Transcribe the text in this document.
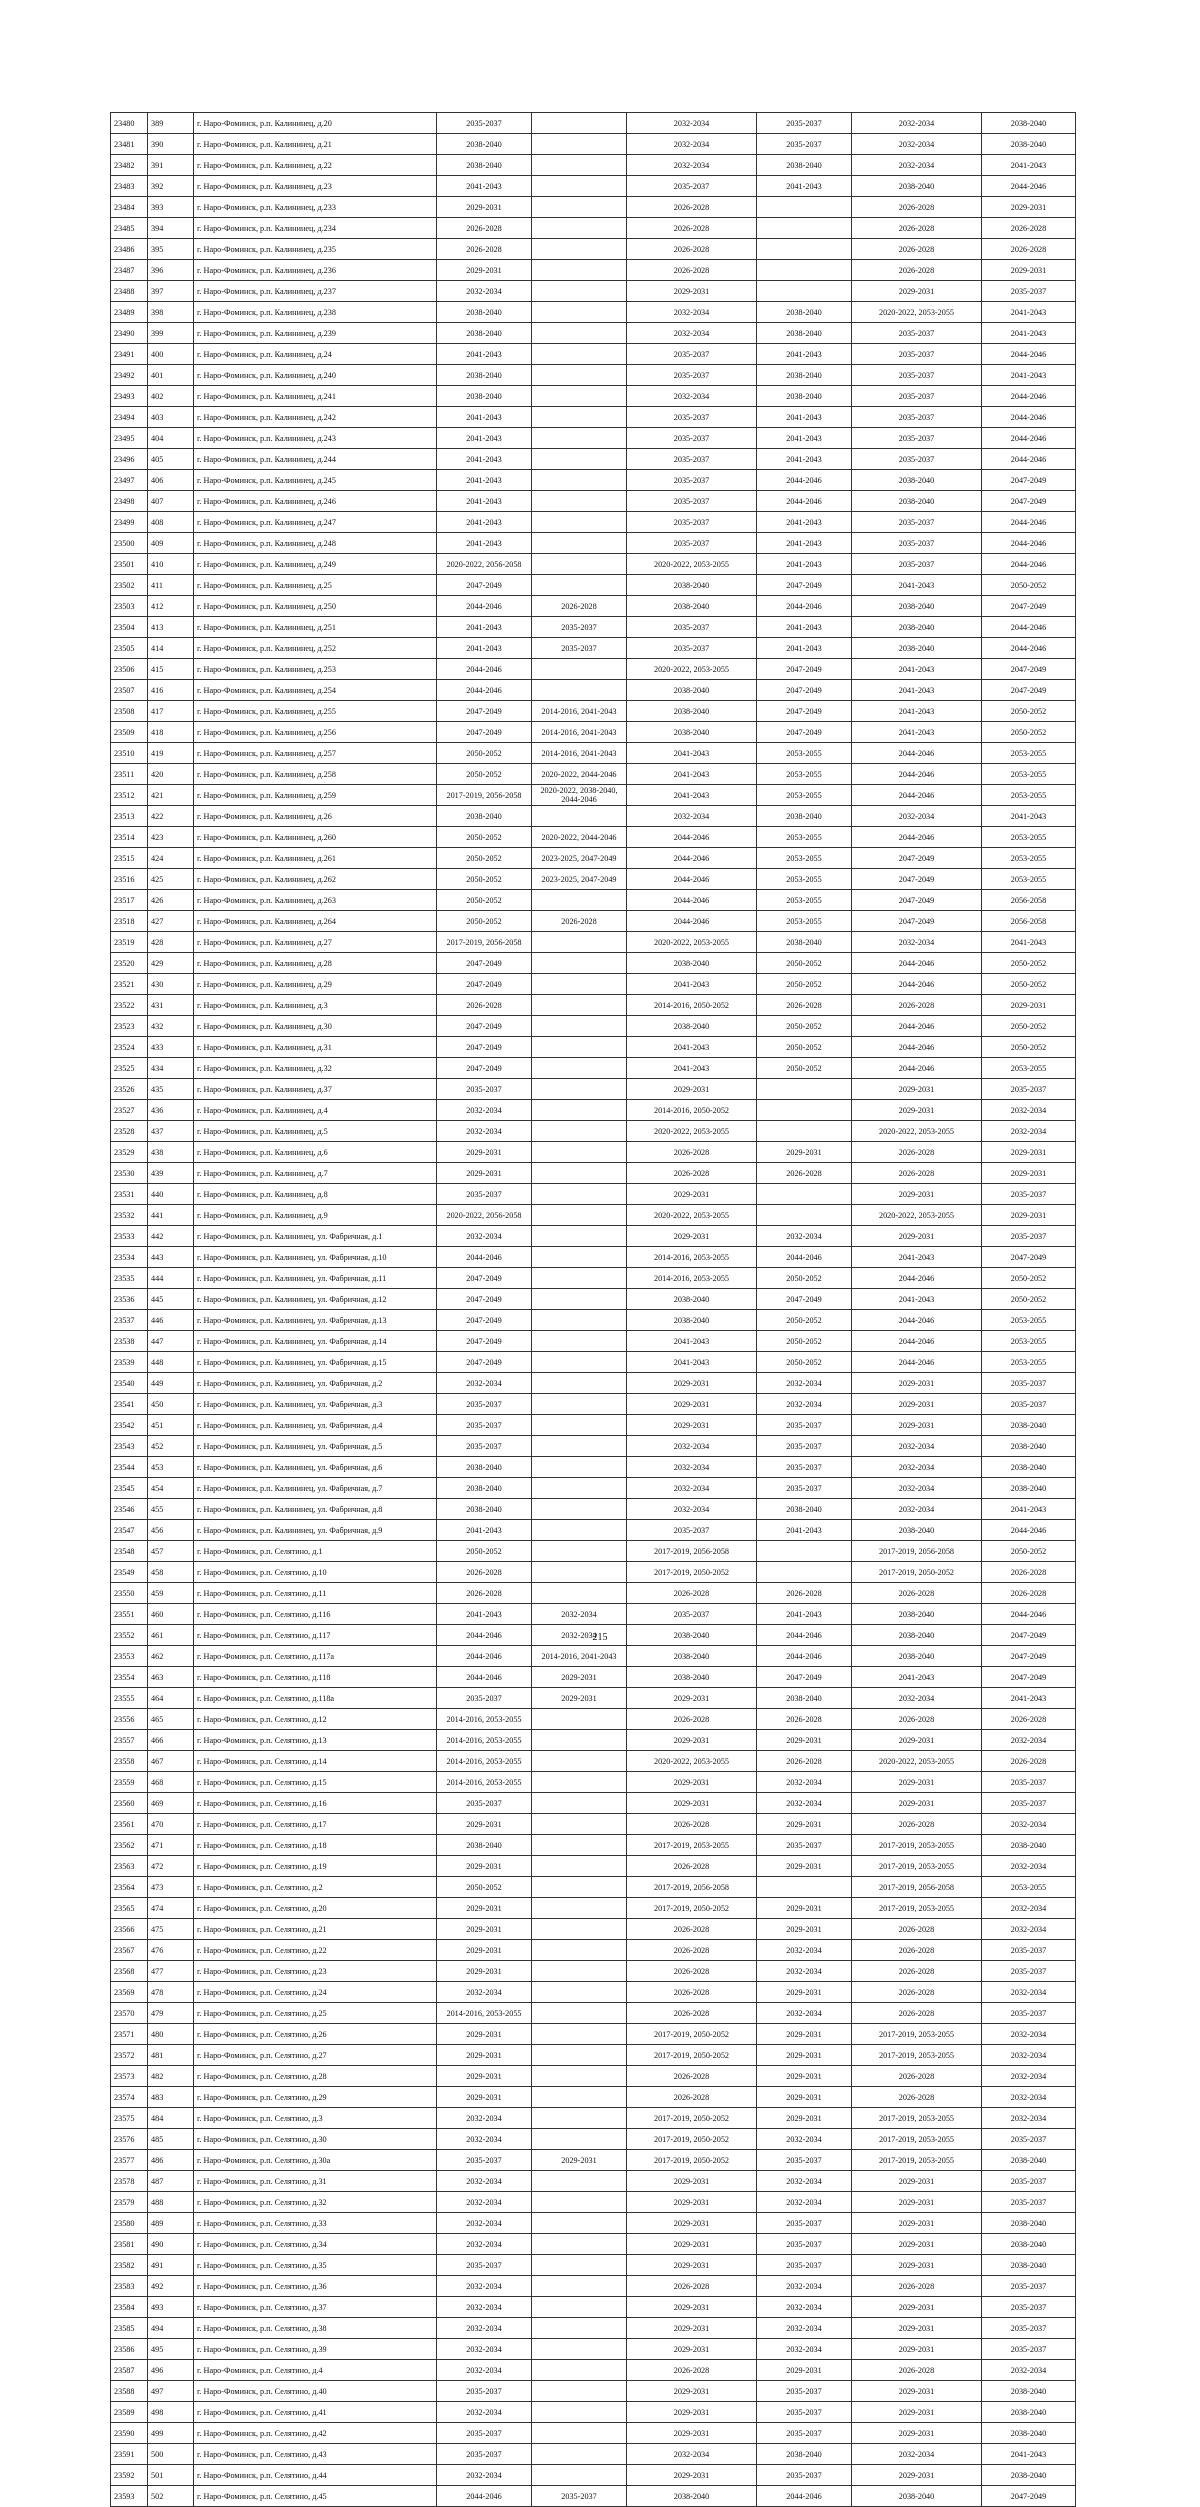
23480	389	г. Наро-Фоминск, р.п. Калининец, д.20	2035-2037		2032-2034	2035-2037	2032-2034	2038-2040
23481	390	г. Наро-Фоминск, р.п. Калининец, д.21	2038-2040		2032-2034	2035-2037	2032-2034	2038-2040
23482	391	г. Наро-Фоминск, р.п. Калининец, д.22	2038-2040		2032-2034	2038-2040	2032-2034	2041-2043
23483	392	г. Наро-Фоминск, р.п. Калининец, д.23	2041-2043		2035-2037	2041-2043	2038-2040	2044-2046
23484	393	г. Наро-Фоминск, р.п. Калининец, д.233	2029-2031		2026-2028		2026-2028	2029-2031
23485	394	г. Наро-Фоминск, р.п. Калининец, д.234	2026-2028		2026-2028		2026-2028	2026-2028
23486	395	г. Наро-Фоминск, р.п. Калининец, д.235	2026-2028		2026-2028		2026-2028	2026-2028
23487	396	г. Наро-Фоминск, р.п. Калининец, д.236	2029-2031		2026-2028		2026-2028	2029-2031
23488	397	г. Наро-Фоминск, р.п. Калининец, д.237	2032-2034		2029-2031		2029-2031	2035-2037
23489	398	г. Наро-Фоминск, р.п. Калининец, д.238	2038-2040		2032-2034	2038-2040	2020-2022, 2053-2055	2041-2043
23490	399	г. Наро-Фоминск, р.п. Калининец, д.239	2038-2040		2032-2034	2038-2040	2035-2037	2041-2043
23491	400	г. Наро-Фоминск, р.п. Калининец, д.24	2041-2043		2035-2037	2041-2043	2035-2037	2044-2046
23492	401	г. Наро-Фоминск, р.п. Калининец, д.240	2038-2040		2035-2037	2038-2040	2035-2037	2041-2043
23493	402	г. Наро-Фоминск, р.п. Калининец, д.241	2038-2040		2032-2034	2038-2040	2035-2037	2044-2046
23494	403	г. Наро-Фоминск, р.п. Калининец, д.242	2041-2043		2035-2037	2041-2043	2035-2037	2044-2046
23495	404	г. Наро-Фоминск, р.п. Калининец, д.243	2041-2043		2035-2037	2041-2043	2035-2037	2044-2046
23496	405	г. Наро-Фоминск, р.п. Калининец, д.244	2041-2043		2035-2037	2041-2043	2035-2037	2044-2046
23497	406	г. Наро-Фоминск, р.п. Калининец, д.245	2041-2043		2035-2037	2044-2046	2038-2040	2047-2049
23498	407	г. Наро-Фоминск, р.п. Калининец, д.246	2041-2043		2035-2037	2044-2046	2038-2040	2047-2049
23499	408	г. Наро-Фоминск, р.п. Калининец, д.247	2041-2043		2035-2037	2041-2043	2035-2037	2044-2046
23500	409	г. Наро-Фоминск, р.п. Калининец, д.248	2041-2043		2035-2037	2041-2043	2035-2037	2044-2046
23501	410	г. Наро-Фоминск, р.п. Калининец, д.249	2020-2022, 2056-2058		2020-2022, 2053-2055	2041-2043	2035-2037	2044-2046
23502	411	г. Наро-Фоминск, р.п. Калининец, д.25	2047-2049		2038-2040	2047-2049	2041-2043	2050-2052
23503	412	г. Наро-Фоминск, р.п. Калининец, д.250	2044-2046	2026-2028	2038-2040	2044-2046	2038-2040	2047-2049
23504	413	г. Наро-Фоминск, р.п. Калининец, д.251	2041-2043	2035-2037	2035-2037	2041-2043	2038-2040	2044-2046
23505	414	г. Наро-Фоминск, р.п. Калининец, д.252	2041-2043	2035-2037	2035-2037	2041-2043	2038-2040	2044-2046
23506	415	г. Наро-Фоминск, р.п. Калининец, д.253	2044-2046		2020-2022, 2053-2055	2047-2049	2041-2043	2047-2049
23507	416	г. Наро-Фоминск, р.п. Калининец, д.254	2044-2046		2038-2040	2047-2049	2041-2043	2047-2049
23508	417	г. Наро-Фоминск, р.п. Калининец, д.255	2047-2049	2014-2016, 2041-2043	2038-2040	2047-2049	2041-2043	2050-2052
23509	418	г. Наро-Фоминск, р.п. Калининец, д.256	2047-2049	2014-2016, 2041-2043	2038-2040	2047-2049	2041-2043	2050-2052
23510	419	г. Наро-Фоминск, р.п. Калининец, д.257	2050-2052	2014-2016, 2041-2043	2041-2043	2053-2055	2044-2046	2053-2055
23511	420	г. Наро-Фоминск, р.п. Калининец, д.258	2050-2052	2020-2022, 2044-2046	2041-2043	2053-2055	2044-2046	2053-2055
23512	421	г. Наро-Фоминск, р.п. Калининец, д.259	2017-2019, 2056-2058	2020-2022, 2038-2040, 2044-2046	2041-2043	2053-2055	2044-2046	2053-2055
23513	422	г. Наро-Фоминск, р.п. Калининец, д.26	2038-2040		2032-2034	2038-2040	2032-2034	2041-2043
23514	423	г. Наро-Фоминск, р.п. Калининец, д.260	2050-2052	2020-2022, 2044-2046	2044-2046	2053-2055	2044-2046	2053-2055
23515	424	г. Наро-Фоминск, р.п. Калининец, д.261	2050-2052	2023-2025, 2047-2049	2044-2046	2053-2055	2047-2049	2053-2055
23516	425	г. Наро-Фоминск, р.п. Калининец, д.262	2050-2052	2023-2025, 2047-2049	2044-2046	2053-2055	2047-2049	2053-2055
23517	426	г. Наро-Фоминск, р.п. Калининец, д.263	2050-2052		2044-2046	2053-2055	2047-2049	2056-2058
23518	427	г. Наро-Фоминск, р.п. Калининец, д.264	2050-2052	2026-2028	2044-2046	2053-2055	2047-2049	2056-2058
23519	428	г. Наро-Фоминск, р.п. Калининец, д.27	2017-2019, 2056-2058		2020-2022, 2053-2055	2038-2040	2032-2034	2041-2043
23520	429	г. Наро-Фоминск, р.п. Калининец, д.28	2047-2049		2038-2040	2050-2052	2044-2046	2050-2052
23521	430	г. Наро-Фоминск, р.п. Калининец, д.29	2047-2049		2041-2043	2050-2052	2044-2046	2050-2052
23522	431	г. Наро-Фоминск, р.п. Калининец, д.3	2026-2028		2014-2016, 2050-2052	2026-2028	2026-2028	2029-2031
23523	432	г. Наро-Фоминск, р.п. Калининец, д.30	2047-2049		2038-2040	2050-2052	2044-2046	2050-2052
23524	433	г. Наро-Фоминск, р.п. Калининец, д.31	2047-2049		2041-2043	2050-2052	2044-2046	2050-2052
23525	434	г. Наро-Фоминск, р.п. Калининец, д.32	2047-2049		2041-2043	2050-2052	2044-2046	2053-2055
23526	435	г. Наро-Фоминск, р.п. Калининец, д.37	2035-2037		2029-2031		2029-2031	2035-2037
23527	436	г. Наро-Фоминск, р.п. Калининец, д.4	2032-2034		2014-2016, 2050-2052		2029-2031	2032-2034
23528	437	г. Наро-Фоминск, р.п. Калининец, д.5	2032-2034		2020-2022, 2053-2055		2020-2022, 2053-2055	2032-2034
23529	438	г. Наро-Фоминск, р.п. Калининец, д.6	2029-2031		2026-2028	2029-2031	2026-2028	2029-2031
23530	439	г. Наро-Фоминск, р.п. Калининец, д.7	2029-2031		2026-2028	2026-2028	2026-2028	2029-2031
23531	440	г. Наро-Фоминск, р.п. Калининец, д.8	2035-2037		2029-2031		2029-2031	2035-2037
23532	441	г. Наро-Фоминск, р.п. Калининец, д.9	2020-2022, 2056-2058		2020-2022, 2053-2055		2020-2022, 2053-2055	2029-2031
23533	442	г. Наро-Фоминск, р.п. Калининец, ул. Фабричная, д.1	2032-2034		2029-2031	2032-2034	2029-2031	2035-2037
23534	443	г. Наро-Фоминск, р.п. Калининец, ул. Фабричная, д.10	2044-2046		2014-2016, 2053-2055	2044-2046	2041-2043	2047-2049
23535	444	г. Наро-Фоминск, р.п. Калининец, ул. Фабричная, д.11	2047-2049		2014-2016, 2053-2055	2050-2052	2044-2046	2050-2052
23536	445	г. Наро-Фоминск, р.п. Калининец, ул. Фабричная, д.12	2047-2049		2038-2040	2047-2049	2041-2043	2050-2052
23537	446	г. Наро-Фоминск, р.п. Калининец, ул. Фабричная, д.13	2047-2049		2038-2040	2050-2052	2044-2046	2053-2055
23538	447	г. Наро-Фоминск, р.п. Калининец, ул. Фабричная, д.14	2047-2049		2041-2043	2050-2052	2044-2046	2053-2055
23539	448	г. Наро-Фоминск, р.п. Калининец, ул. Фабричная, д.15	2047-2049		2041-2043	2050-2052	2044-2046	2053-2055
23540	449	г. Наро-Фоминск, р.п. Калининец, ул. Фабричная, д.2	2032-2034		2029-2031	2032-2034	2029-2031	2035-2037
23541	450	г. Наро-Фоминск, р.п. Калининец, ул. Фабричная, д.3	2035-2037		2029-2031	2032-2034	2029-2031	2035-2037
23542	451	г. Наро-Фоминск, р.п. Калининец, ул. Фабричная, д.4	2035-2037		2029-2031	2035-2037	2029-2031	2038-2040
23543	452	г. Наро-Фоминск, р.п. Калининец, ул. Фабричная, д.5	2035-2037		2032-2034	2035-2037	2032-2034	2038-2040
23544	453	г. Наро-Фоминск, р.п. Калининец, ул. Фабричная, д.6	2038-2040		2032-2034	2035-2037	2032-2034	2038-2040
23545	454	г. Наро-Фоминск, р.п. Калининец, ул. Фабричная, д.7	2038-2040		2032-2034	2035-2037	2032-2034	2038-2040
23546	455	г. Наро-Фоминск, р.п. Калининец, ул. Фабричная, д.8	2038-2040		2032-2034	2038-2040	2032-2034	2041-2043
23547	456	г. Наро-Фоминск, р.п. Калининец, ул. Фабричная, д.9	2041-2043		2035-2037	2041-2043	2038-2040	2044-2046
23548	457	г. Наро-Фоминск, р.п. Селятино, д.1	2050-2052		2017-2019, 2056-2058		2017-2019, 2056-2058	2050-2052
23549	458	г. Наро-Фоминск, р.п. Селятино, д.10	2026-2028		2017-2019, 2050-2052		2017-2019, 2050-2052	2026-2028
23550	459	г. Наро-Фоминск, р.п. Селятино, д.11	2026-2028		2026-2028	2026-2028	2026-2028	2026-2028
23551	460	г. Наро-Фоминск, р.п. Селятино, д.116	2041-2043	2032-2034	2035-2037	2041-2043	2038-2040	2044-2046
23552	461	г. Наро-Фоминск, р.п. Селятино, д.117	2044-2046	2032-2034	2038-2040	2044-2046	2038-2040	2047-2049
23553	462	г. Наро-Фоминск, р.п. Селятино, д.117а	2044-2046	2014-2016, 2041-2043	2038-2040	2044-2046	2038-2040	2047-2049
23554	463	г. Наро-Фоминск, р.п. Селятино, д.118	2044-2046	2029-2031	2038-2040	2047-2049	2041-2043	2047-2049
23555	464	г. Наро-Фоминск, р.п. Селятино, д.118а	2035-2037	2029-2031	2029-2031	2038-2040	2032-2034	2041-2043
23556	465	г. Наро-Фоминск, р.п. Селятино, д.12	2014-2016, 2053-2055		2026-2028	2026-2028	2026-2028	2026-2028
23557	466	г. Наро-Фоминск, р.п. Селятино, д.13	2014-2016, 2053-2055		2029-2031	2029-2031	2029-2031	2032-2034
23558	467	г. Наро-Фоминск, р.п. Селятино, д.14	2014-2016, 2053-2055		2020-2022, 2053-2055	2026-2028	2020-2022, 2053-2055	2026-2028
23559	468	г. Наро-Фоминск, р.п. Селятино, д.15	2014-2016, 2053-2055		2029-2031	2032-2034	2029-2031	2035-2037
23560	469	г. Наро-Фоминск, р.п. Селятино, д.16	2035-2037		2029-2031	2032-2034	2029-2031	2035-2037
23561	470	г. Наро-Фоминск, р.п. Селятино, д.17	2029-2031		2026-2028	2029-2031	2026-2028	2032-2034
23562	471	г. Наро-Фоминск, р.п. Селятино, д.18	2038-2040		2017-2019, 2053-2055	2035-2037	2017-2019, 2053-2055	2038-2040
23563	472	г. Наро-Фоминск, р.п. Селятино, д.19	2029-2031		2026-2028	2029-2031	2017-2019, 2053-2055	2032-2034
23564	473	г. Наро-Фоминск, р.п. Селятино, д.2	2050-2052		2017-2019, 2056-2058		2017-2019, 2056-2058	2053-2055
23565	474	г. Наро-Фоминск, р.п. Селятино, д.20	2029-2031		2017-2019, 2050-2052	2029-2031	2017-2019, 2053-2055	2032-2034
23566	475	г. Наро-Фоминск, р.п. Селятино, д.21	2029-2031		2026-2028	2029-2031	2026-2028	2032-2034
23567	476	г. Наро-Фоминск, р.п. Селятино, д.22	2029-2031		2026-2028	2032-2034	2026-2028	2035-2037
23568	477	г. Наро-Фоминск, р.п. Селятино, д.23	2029-2031		2026-2028	2032-2034	2026-2028	2035-2037
23569	478	г. Наро-Фоминск, р.п. Селятино, д.24	2032-2034		2026-2028	2029-2031	2026-2028	2032-2034
23570	479	г. Наро-Фоминск, р.п. Селятино, д.25	2014-2016, 2053-2055		2026-2028	2032-2034	2026-2028	2035-2037
23571	480	г. Наро-Фоминск, р.п. Селятино, д.26	2029-2031		2017-2019, 2050-2052	2029-2031	2017-2019, 2053-2055	2032-2034
23572	481	г. Наро-Фоминск, р.п. Селятино, д.27	2029-2031		2017-2019, 2050-2052	2029-2031	2017-2019, 2053-2055	2032-2034
23573	482	г. Наро-Фоминск, р.п. Селятино, д.28	2029-2031		2026-2028	2029-2031	2026-2028	2032-2034
23574	483	г. Наро-Фоминск, р.п. Селятино, д.29	2029-2031		2026-2028	2029-2031	2026-2028	2032-2034
23575	484	г. Наро-Фоминск, р.п. Селятино, д.3	2032-2034		2017-2019, 2050-2052	2029-2031	2017-2019, 2053-2055	2032-2034
23576	485	г. Наро-Фоминск, р.п. Селятино, д.30	2032-2034		2017-2019, 2050-2052	2032-2034	2017-2019, 2053-2055	2035-2037
23577	486	г. Наро-Фоминск, р.п. Селятино, д.30а	2035-2037	2029-2031	2017-2019, 2050-2052	2035-2037	2017-2019, 2053-2055	2038-2040
23578	487	г. Наро-Фоминск, р.п. Селятино, д.31	2032-2034		2029-2031	2032-2034	2029-2031	2035-2037
23579	488	г. Наро-Фоминск, р.п. Селятино, д.32	2032-2034		2029-2031	2032-2034	2029-2031	2035-2037
23580	489	г. Наро-Фоминск, р.п. Селятино, д.33	2032-2034		2029-2031	2035-2037	2029-2031	2038-2040
23581	490	г. Наро-Фоминск, р.п. Селятино, д.34	2032-2034		2029-2031	2035-2037	2029-2031	2038-2040
23582	491	г. Наро-Фоминск, р.п. Селятино, д.35	2035-2037		2029-2031	2035-2037	2029-2031	2038-2040
23583	492	г. Наро-Фоминск, р.п. Селятино, д.36	2032-2034		2026-2028	2032-2034	2026-2028	2035-2037
23584	493	г. Наро-Фоминск, р.п. Селятино, д.37	2032-2034		2029-2031	2032-2034	2029-2031	2035-2037
23585	494	г. Наро-Фоминск, р.п. Селятино, д.38	2032-2034		2029-2031	2032-2034	2029-2031	2035-2037
23586	495	г. Наро-Фоминск, р.п. Селятино, д.39	2032-2034		2029-2031	2032-2034	2029-2031	2035-2037
23587	496	г. Наро-Фоминск, р.п. Селятино, д.4	2032-2034		2026-2028	2029-2031	2026-2028	2032-2034
23588	497	г. Наро-Фоминск, р.п. Селятино, д.40	2035-2037		2029-2031	2035-2037	2029-2031	2038-2040
23589	498	г. Наро-Фоминск, р.п. Селятино, д.41	2032-2034		2029-2031	2035-2037	2029-2031	2038-2040
23590	499	г. Наро-Фоминск, р.п. Селятино, д.42	2035-2037		2029-2031	2035-2037	2029-2031	2038-2040
23591	500	г. Наро-Фоминск, р.п. Селятино, д.43	2035-2037		2032-2034	2038-2040	2032-2034	2041-2043
23592	501	г. Наро-Фоминск, р.п. Селятино, д.44	2032-2034		2029-2031	2035-2037	2029-2031	2038-2040
23593	502	г. Наро-Фоминск, р.п. Селятино, д.45	2044-2046	2035-2037	2038-2040	2044-2046	2038-2040	2047-2049
215
